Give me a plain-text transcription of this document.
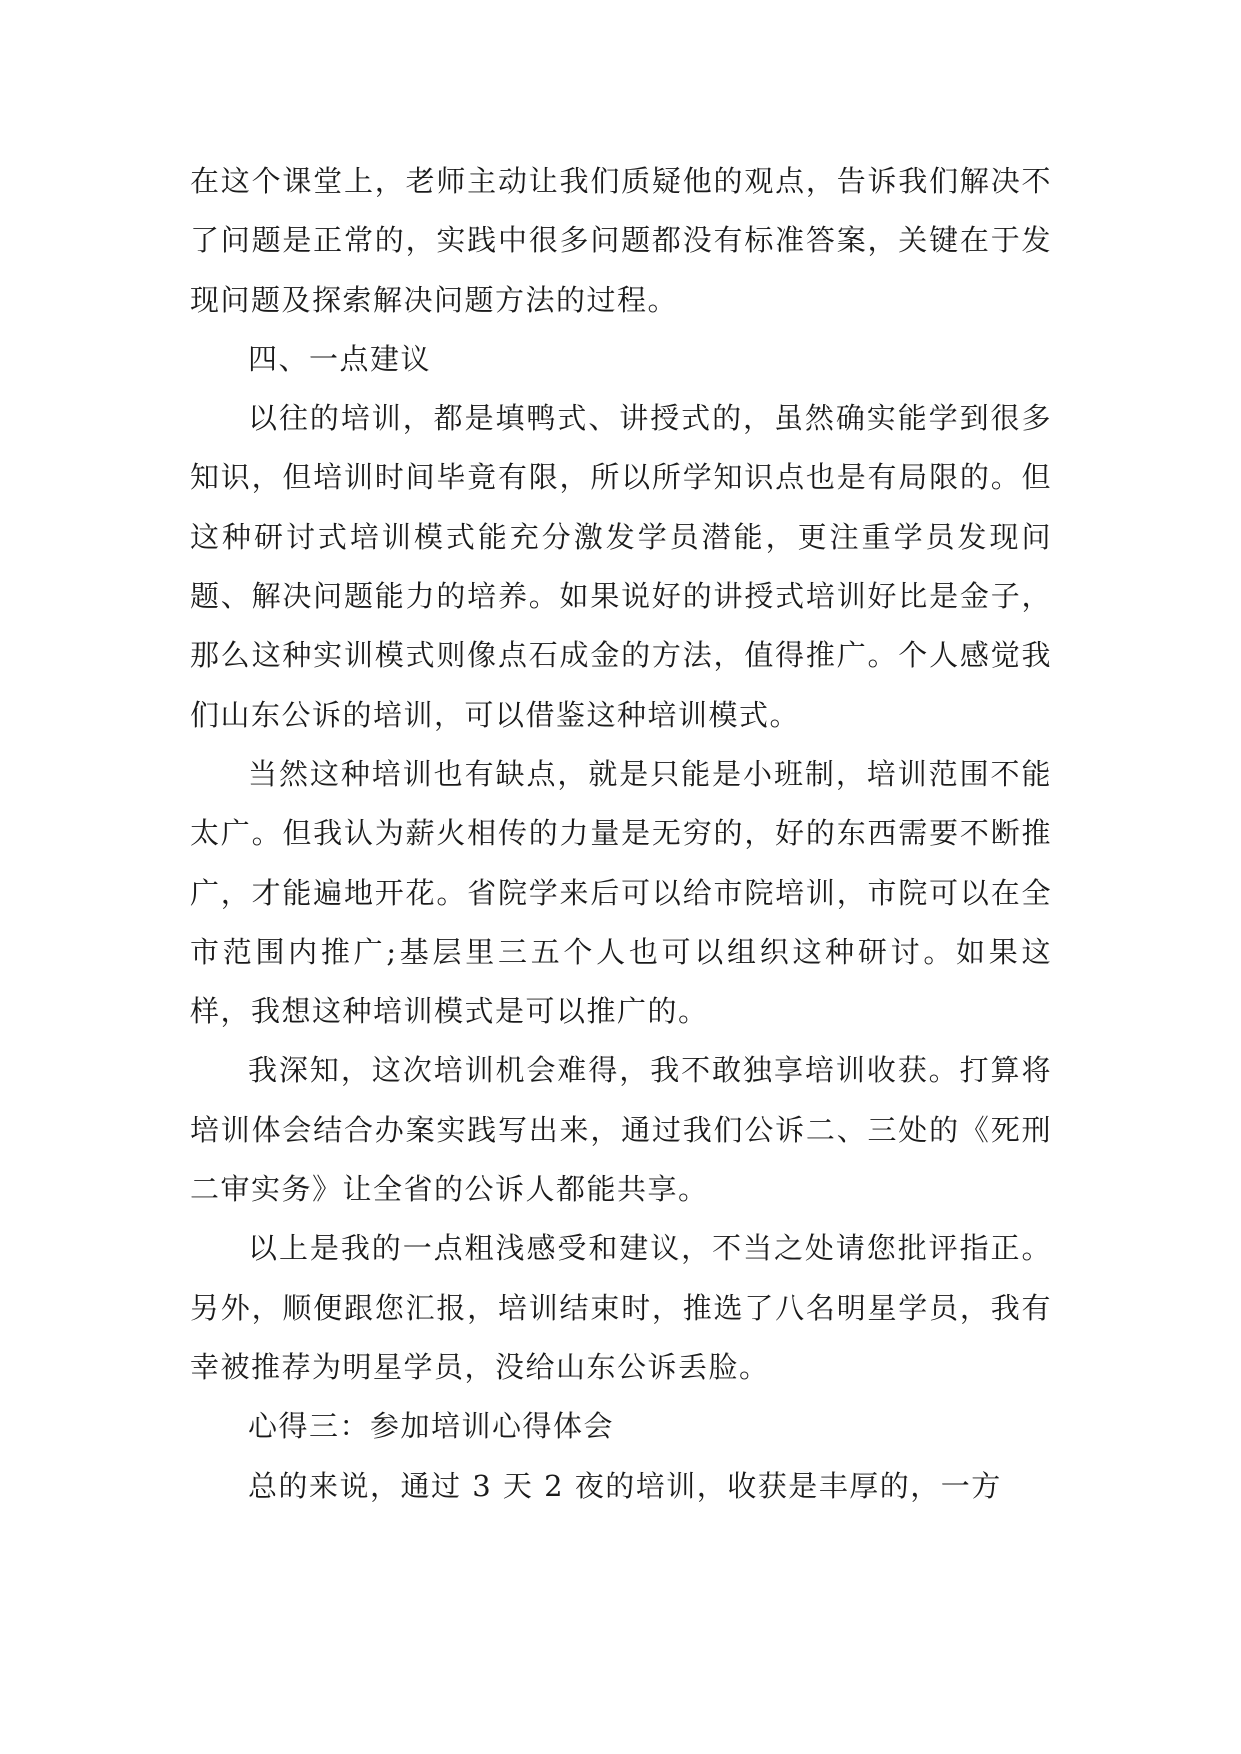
在这个课堂上，老师主动让我们质疑他的观点，告诉我们解决不了问题是正常的，实践中很多问题都没有标准答案，关键在于发现问题及探索解决问题方法的过程。

四、一点建议

以往的培训，都是填鸭式、讲授式的，虽然确实能学到很多知识，但培训时间毕竟有限，所以所学知识点也是有局限的。但这种研讨式培训模式能充分激发学员潜能，更注重学员发现问题、解决问题能力的培养。如果说好的讲授式培训好比是金子，那么这种实训模式则像点石成金的方法，值得推广。个人感觉我们山东公诉的培训，可以借鉴这种培训模式。

当然这种培训也有缺点，就是只能是小班制，培训范围不能太广。但我认为薪火相传的力量是无穷的，好的东西需要不断推广，才能遍地开花。省院学来后可以给市院培训，市院可以在全市范围内推广;基层里三五个人也可以组织这种研讨。如果这样，我想这种培训模式是可以推广的。

我深知，这次培训机会难得，我不敢独享培训收获。打算将培训体会结合办案实践写出来，通过我们公诉二、三处的《死刑二审实务》让全省的公诉人都能共享。

以上是我的一点粗浅感受和建议，不当之处请您批评指正。另外，顺便跟您汇报，培训结束时，推选了八名明星学员，我有幸被推荐为明星学员，没给山东公诉丢脸。

心得三：参加培训心得体会

总的来说，通过 3 天 2 夜的培训，收获是丰厚的，一方
